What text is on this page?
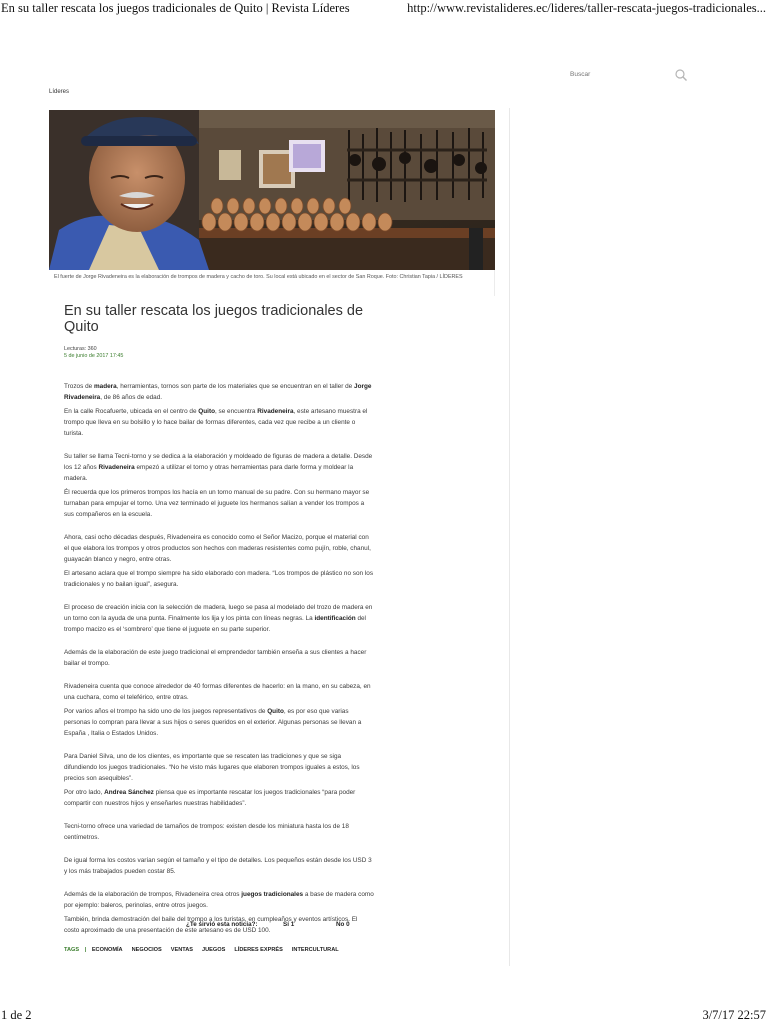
En su taller rescata los juegos tradicionales de Quito | Revista Líderes	http://www.revistalideres.ec/lideres/taller-rescata-juegos-tradicionales...
Buscar
Líderes
El fuerte de Jorge Rivadeneira es la elaboración de trompos de madera y cacho de toro. Su local está ubicado en el sector de San Roque. Foto: Christian Tapia / LÍDERES
En su taller rescata los juegos tradicionales de Quito
Lecturas: 360
5 de junio de 2017 17:45

Trozos de madera, herramientas, tornos son parte de los materiales que se encuentran en el taller de Jorge Rivadeneira, de 86 años de edad.

En la calle Rocafuerte, ubicada en el centro de Quito, se encuentra Rivadeneira, este artesano muestra el trompo que lleva en su bolsillo y lo hace bailar de formas diferentes, cada vez que recibe a un cliente o turista.

Su taller se llama Tecni-torno y se dedica a la elaboración y moldeado de figuras de madera a detalle. Desde los 12 años Rivadeneira empezó a utilizar el torno y otras herramientas para darle forma y moldear la madera.

Él recuerda que los primeros trompos los hacía en un torno manual de su padre. Con su hermano mayor se turnaban para empujar el torno. Una vez terminado el juguete los hermanos salían a vender los trompos a sus compañeros en la escuela.

Ahora, casi ocho décadas después, Rivadeneira es conocido como el Señor Macizo, porque el material con el que elabora los trompos y otros productos son hechos con maderas resistentes como pujín, roble, chanul, guayacán blanco y negro, entre otras.

El artesano aclara que el trompo siempre ha sido elaborado con madera. “Los trompos de plástico no son los tradicionales y no bailan igual”, asegura.

El proceso de creación inicia con la selección de madera, luego se pasa al modelado del trozo de madera en un torno con la ayuda de una punta. Finalmente los lija y los pinta con líneas negras. La identificación del trompo macizo es el ‘sombrero’ que tiene el juguete en su parte superior.

Además de la elaboración de este juego tradicional el emprendedor también enseña a sus clientes a hacer bailar el trompo.

Rivadeneira cuenta que conoce alrededor de 40 formas diferentes de hacerlo: en la mano, en su cabeza, en una cuchara, como el teleférico, entre otras.

Por varios años el trompo ha sido uno de los juegos representativos de Quito, es por eso que varias personas lo compran para llevar a sus hijos o seres queridos en el exterior. Algunas personas se llevan a España , Italia o Estados Unidos.

Para Daniel Silva, uno de los clientes, es importante que se rescaten las tradiciones y que se siga difundiendo los juegos tradicionales. “No he visto más lugares que elaboren trompos iguales a estos, los precios son asequibles”.

Por otro lado, Andrea Sánchez piensa que es importante rescatar los juegos tradicionales “para poder compartir con nuestros hijos y enseñarles nuestras habilidades”.

Tecni-torno ofrece una variedad de tamaños de trompos: existen desde los miniatura hasta los de 18 centímetros.

De igual forma los costos varían según el tamaño y el tipo de detalles. Los pequeños están desde los USD 3 y los más trabajados pueden costar 85.

Además de la elaboración de trompos, Rivadeneira crea otros juegos tradicionales a base de madera como por ejemplo: baleros, perinolas, entre otros juegos.

También, brinda demostración del baile del trompo a los turistas, en cumpleaños y eventos artísticos. El costo aproximado de una presentación de este artesano es de USD 100.

¿Te sirvió esta noticia?:	Sí 1	No 0
TAGS | ECONOMÍA NEGOCIOS VENTAS JUEGOS LÍDERES EXPRÉS INTERCULTURAL
1 de 2	3/7/17 22:57
